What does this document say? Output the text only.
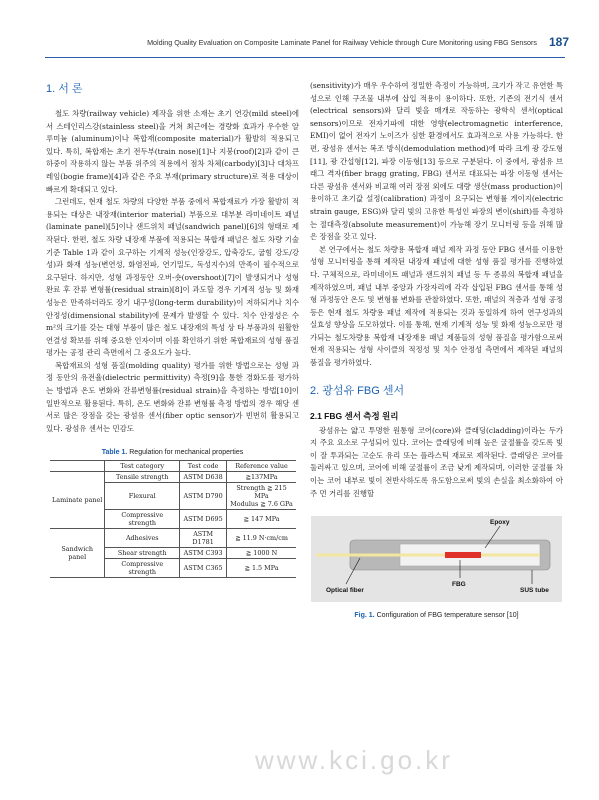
Molding Quality Evaluation on Composite Laminate Panel for Railway Vehicle through Cure Monitoring using FBG Sensors 187
1. 서 론

철도 차량(railway vehicle) 제작을 위한 소재는 초기 연강(mild steel)에서 스테인리스강(stainless steel)을 거쳐 최근에는 경량화 효과가 우수한 알루미늄 (aluminum)이나 복합재(composite material)가 활발히 적용되고 있다. 특히, 복합재는 초기 전두부(train nose)[1]나 지붕(roof)[2]과 같이 큰 하중이 작용하지 않는 부품 위주의 적용에서 점차 차체(carbody)[3]나 대차프레임(bogie frame)[4]과 같은 주요 부재(primary structure)로 적용 대상이 빠르게 확대되고 있다.

그런데도, 현재 철도 차량의 다양한 부품 중에서 복합재료가 가장 활발히 적용되는 대상은 내장재(interior material) 부품으로 대부분 라미네이트 패널(laminate panel)[5]이나 샌드위치 패널(sandwich panel)[6]의 형태로 제작된다. 한편, 철도 차량 내장재 부품에 적용되는 복합재 패널은 철도 차량 기술기준 Table 1과 같이 요구하는 기계적 성능(인장강도, 압축강도, 굽힘 강도/강성)과 화재 성능(변연성, 화염전파, 연기밀도, 독성지수)의 만족이 필수적으로 요구된다. 하지만, 성형 과정동안 오버-숏(overshoot)[7]이 발생되거나 성형 완료 후 잔류 변형률(residual strain)[8]이 과도할 경우 기계적 성능 및 화재 성능은 만족하더라도 장기 내구성(long-term durability)이 저하되거나 치수 안정성(dimensional stability)에 문제가 발생할 수 있다. 치수 안정성은 수 m²의 크기를 갖는 대형 부품이 많은 철도 내장재의 특성 상 타 부품과의 원활한 연결성 확보를 위해 중요한 인자이며 이를 확인하기 위한 복합재료의 성형 품질 평가는 공정 관리 측면에서 그 중요도가 높다.

복합재료의 성형 품질(molding quality) 평가를 위한 방법으로는 성형 과정 동안의 유전율(dielectric permittivity) 측정[9]을 통한 경화도를 평가하는 방법과 온도 변화와 잔류변형률(residual strain)을 측정하는 방법[10]이 일반적으로 활용된다. 특히, 온도 변화와 잔류 변형률 측정 방법의 경우 해당 센서로 많은 장점을 갖는 광섬유 센서(fiber optic sensor)가 빈번히 활용되고 있다. 광섬유 센서는 민감도

Table 1. Regulation for mechanical properties
	Test category	Test code	Reference value
Laminate panel	Tensile strength	ASTM D638	≧137MPa
	Flexural	ASTM D790	Strength ≧ 215 MPa
Modulus ≧ 7.6 GPa

	Compressive strength	ASTM D695	≧ 147 MPa
Sandwich panel	Adhesives	ASTM D1781	≧ 11.9 N·cm/cm
	Shear strength	ASTM C393	≧ 1000 N
	Compressive strength	ASTM C365	≧ 1.5 MPa

(sensitivity)가 매우 우수하여 정밀한 측정이 가능하며, 크기가 작고 유연한 특성으로 인해 구조물 내부에 삽입 적용이 용이하다. 또한, 기존의 전기식 센서(electrical sensors)와 달리 빛을 매개로 작동하는 광학식 센서(optical sensors)이므로 전자기파에 대한 영향(electromagnetic interference, EMI)이 없어 전자기 노이즈가 심한 환경에서도 효과적으로 사용 가능하다. 한편, 광섬유 센서는 복조 방식(demodulation method)에 따라 크게 광 강도형[11], 광 간섭형[12], 파장 이동형[13] 등으로 구분된다. 이 중에서, 광섬유 브래그 격자(fiber bragg grating, FBG) 센서로 대표되는 파장 이동형 센서는 다른 광섬유 센서와 비교해 여러 장점 외에도 대량 생산(mass production)이 용이하고 초기값 설정(calibration) 과정이 요구되는 변형률 게이지(electric strain gauge, ESG)와 달리 빛의 고유한 특성인 파장의 변이(shift)를 측정하는 절대측정(absolute measurement)이 가능해 장기 모니터링 등을 위해 많은 장점을 갖고 있다.

본 연구에서는 철도 차량용 복합재 패널 제작 과정 동안 FBG 센서를 이용한 성형 모니터링을 통해 제작된 내장재 패널에 대한 성형 품질 평가를 진행하였다. 구체적으로, 라미네이트 패널과 샌드위치 패널 등 두 종류의 복합재 패널을 제작하였으며, 패널 내부 중앙과 가장자리에 각각 삽입된 FBG 센서를 통해 성형 과정동안 온도 및 변형률 변화를 관찰하였다. 또한, 패널의 적층과 성형 공정 등은 현재 철도 차량용 패널 제작에 적용되는 것과 동일하게 하여 연구성과의 실효성 향상을 도모하였다. 이를 통해, 현재 기계적 성능 및 화재 성능으로만 평가되는 철도차량용 복합재 내장재용 패널 제품들의 성형 품질을 평가함으로써 현재 적용되는 성형 사이클의 적정성 및 치수 안정성 측면에서 제작된 패널의 품질을 평가하였다.

2. 광섬유 FBG 센서
2.1 FBG 센서 측정 원리

광섬유는 얇고 투명한 원통형 코어(core)와 클래딩(cladding)이라는 두가지 주요 요소로 구성되어 있다. 코어는 클래딩에 비해 높은 굴절률을 갖도록 빛이 잘 투과되는 고순도 유리 또는 플라스틱 재료로 제작된다. 클래딩은 코어를 둘러싸고 있으며, 코어에 비해 굴절률이 조금 낮게 제작되며, 이러한 굴절률 차이는 코어 내부로 빛이 전반사하도록 유도함으로써 빛의 손실을 최소화하여 아주 먼 거리를 진행할

Epoxy
FBG
Optical fiber	SUS tube
Fig. 1. Configuration of FBG temperature sensor [10]
www.kci.go.kr
